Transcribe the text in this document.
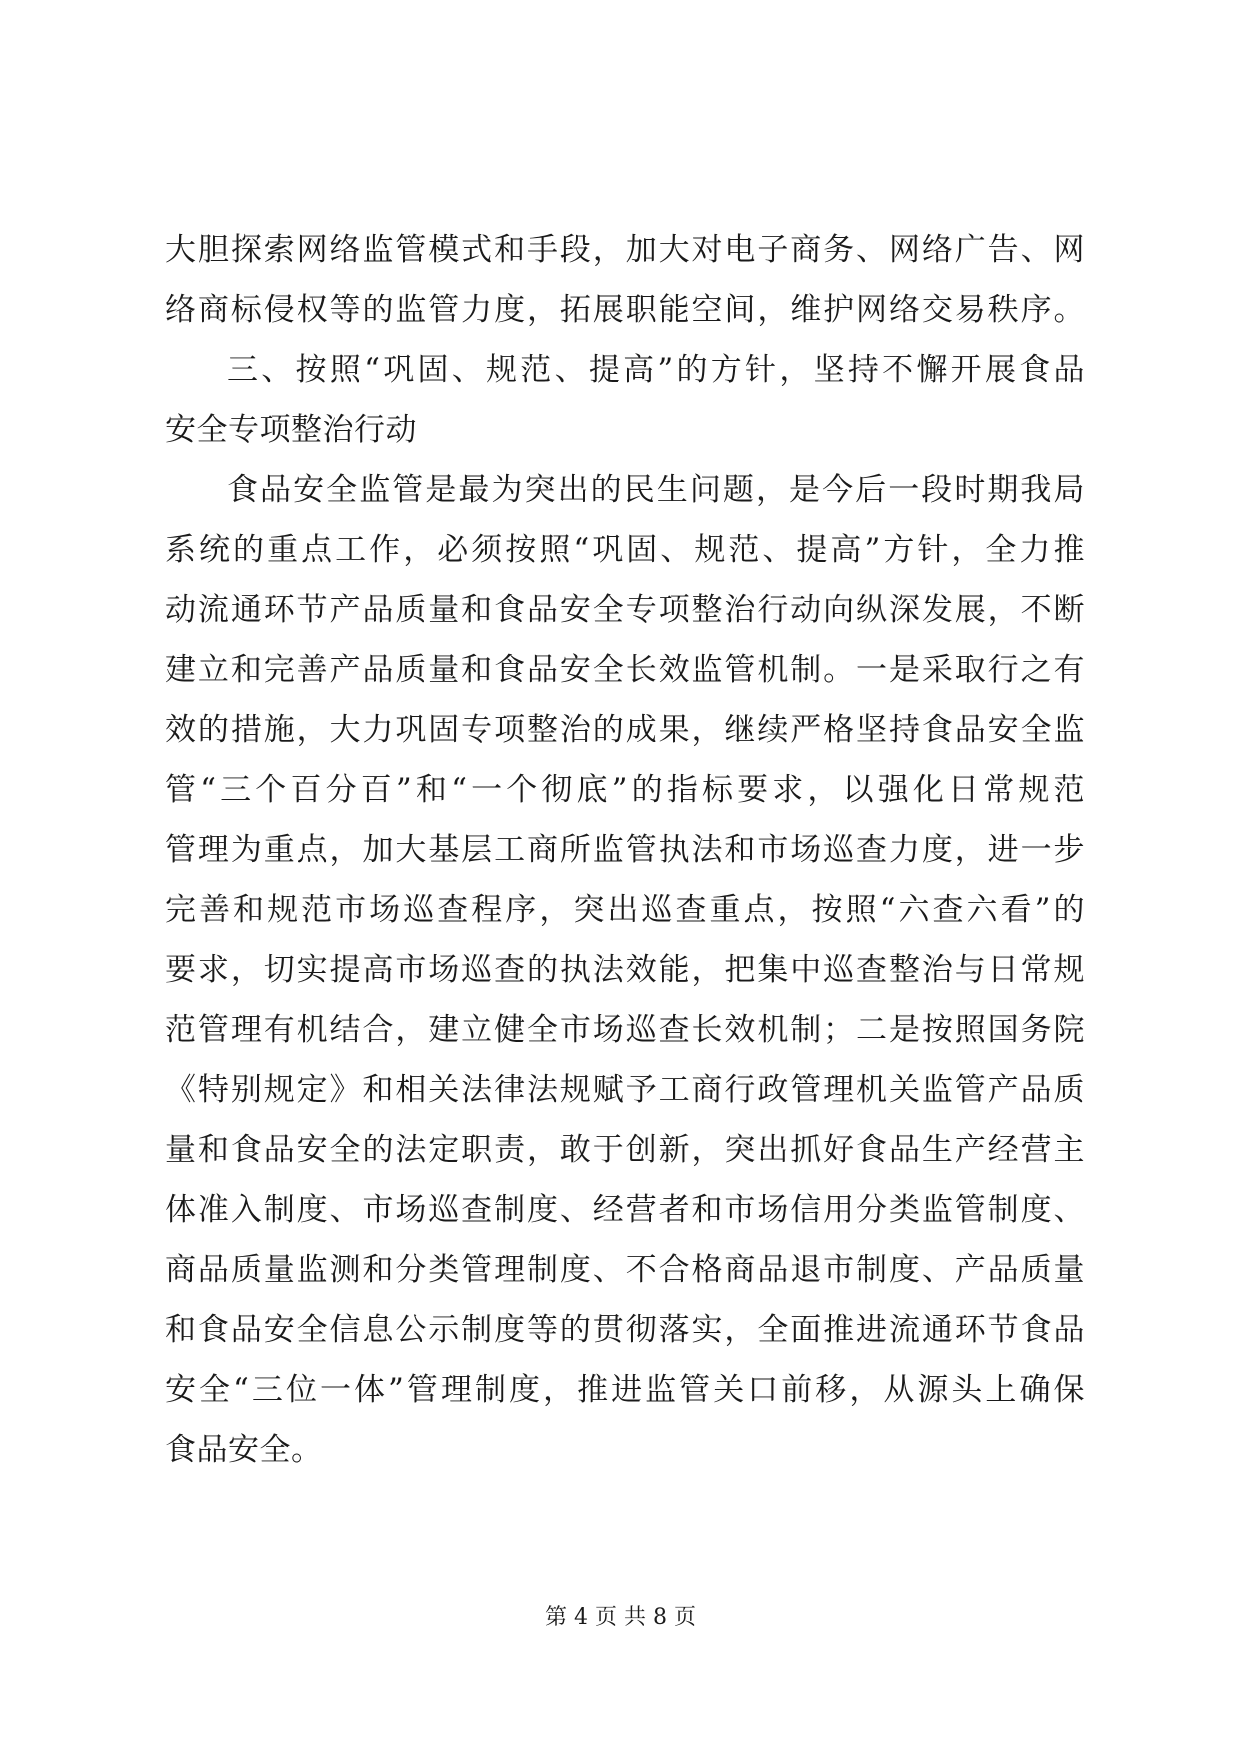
大胆探索网络监管模式和手段，加大对电子商务、网络广告、网
络商标侵权等的监管力度，拓展职能空间，维护网络交易秩序。
三、按照“巩固、规范、提高”的方针，坚持不懈开展食品
安全专项整治行动
食品安全监管是最为突出的民生问题，是今后一段时期我局
系统的重点工作，必须按照“巩固、规范、提高”方针，全力推
动流通环节产品质量和食品安全专项整治行动向纵深发展，不断
建立和完善产品质量和食品安全长效监管机制。一是采取行之有
效的措施，大力巩固专项整治的成果，继续严格坚持食品安全监
管“三个百分百”和“一个彻底”的指标要求，以强化日常规范
管理为重点，加大基层工商所监管执法和市场巡查力度，进一步
完善和规范市场巡查程序，突出巡查重点，按照“六查六看”的
要求，切实提高市场巡查的执法效能，把集中巡查整治与日常规
范管理有机结合，建立健全市场巡查长效机制；二是按照国务院
《特别规定》和相关法律法规赋予工商行政管理机关监管产品质
量和食品安全的法定职责，敢于创新，突出抓好食品生产经营主
体准入制度、市场巡查制度、经营者和市场信用分类监管制度、
商品质量监测和分类管理制度、不合格商品退市制度、产品质量
和食品安全信息公示制度等的贯彻落实，全面推进流通环节食品
安全“三位一体”管理制度，推进监管关口前移，从源头上确保
食品安全。
第 4 页 共 8 页
